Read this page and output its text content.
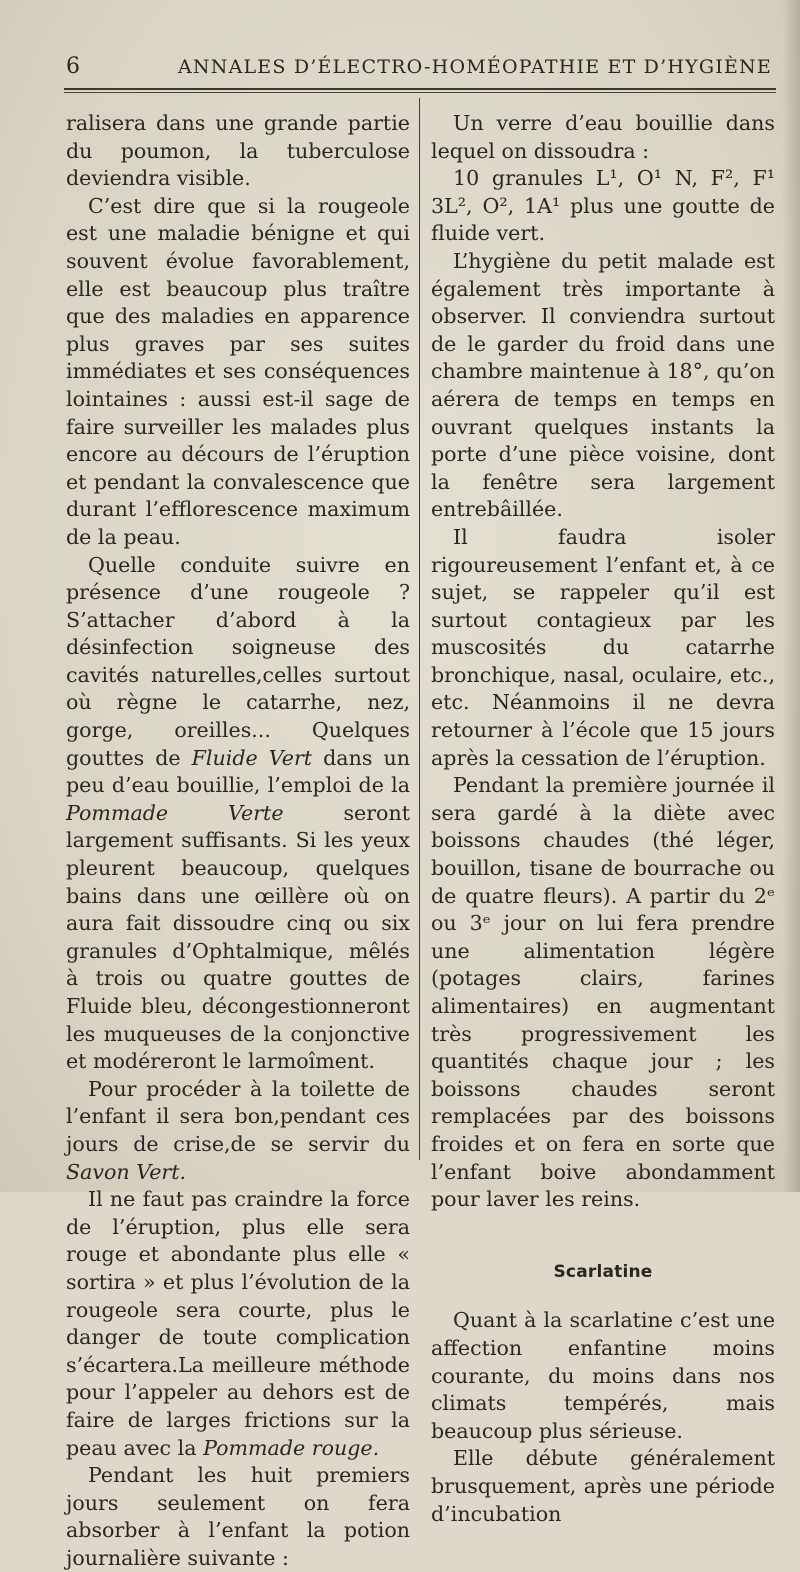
6	ANNALES D’ÉLECTRO-HOMÉOPATHIE ET D’HYGIÈNE

ralisera dans une grande partie du poumon, la tuberculose deviendra visible.

C’est dire que si la rougeole est une maladie bénigne et qui souvent évolue favorablement, elle est beaucoup plus traître que des maladies en apparence plus graves par ses suites immédiates et ses conséquences lointaines : aussi est-il sage de faire surveiller les malades plus encore au décours de l’éruption et pendant la convalescence que durant l’efflorescence maximum de la peau.

Quelle conduite suivre en présence d’une rougeole ? S’attacher d’abord à la désinfection soigneuse des cavités naturelles,celles surtout où règne le catarrhe, nez, gorge, oreilles... Quelques gouttes de Fluide Vert dans un peu d’eau bouillie, l’emploi de la Pommade Verte seront largement suffisants. Si les yeux pleurent beaucoup, quelques bains dans une œillère où on aura fait dissoudre cinq ou six granules d’Ophtalmique, mêlés à trois ou quatre gouttes de Fluide bleu, décongestionneront les muqueuses de la conjonctive et modéreront le larmoîment.

Pour procéder à la toilette de l’enfant il sera bon,pendant ces jours de crise,de se servir du Savon Vert.

Il ne faut pas craindre la force de l’éruption, plus elle sera rouge et abondante plus elle « sortira » et plus l’évolution de la rougeole sera courte, plus le danger de toute complication s’écartera.La meilleure méthode pour l’appeler au dehors est de faire de larges frictions sur la peau avec la Pommade rouge.

Pendant les huit premiers jours seulement on fera absorber à l’enfant la potion journalière suivante :

Un verre d’eau bouillie dans lequel on dissoudra :

10 granules L¹, O¹ N, F², F¹ 3L², O², 1A¹ plus une goutte de fluide vert.

L’hygiène du petit malade est également très importante à observer. Il conviendra surtout de le garder du froid dans une chambre maintenue à 18°, qu’on aérera de temps en temps en ouvrant quelques instants la porte d’une pièce voisine, dont la fenêtre sera largement entrebâillée.

Il faudra isoler rigoureusement l’enfant et, à ce sujet, se rappeler qu’il est surtout contagieux par les muscosités du catarrhe bronchique, nasal, oculaire, etc., etc. Néanmoins il ne devra retourner à l’école que 15 jours après la cessation de l’éruption.

Pendant la première journée il sera gardé à la diète avec boissons chaudes (thé léger, bouillon, tisane de bourrache ou de quatre fleurs). A partir du 2ᵉ ou 3ᵉ jour on lui fera prendre une alimentation légère (potages clairs, farines alimentaires) en augmentant très progressivement les quantités chaque jour ; les boissons chaudes seront remplacées par des boissons froides et on fera en sorte que l’enfant boive abondamment pour laver les reins.

Scarlatine

Quant à la scarlatine c’est une affection enfantine moins courante, du moins dans nos climats tempérés, mais beaucoup plus sérieuse.

Elle débute généralement brusquement, après une période d’incubation
